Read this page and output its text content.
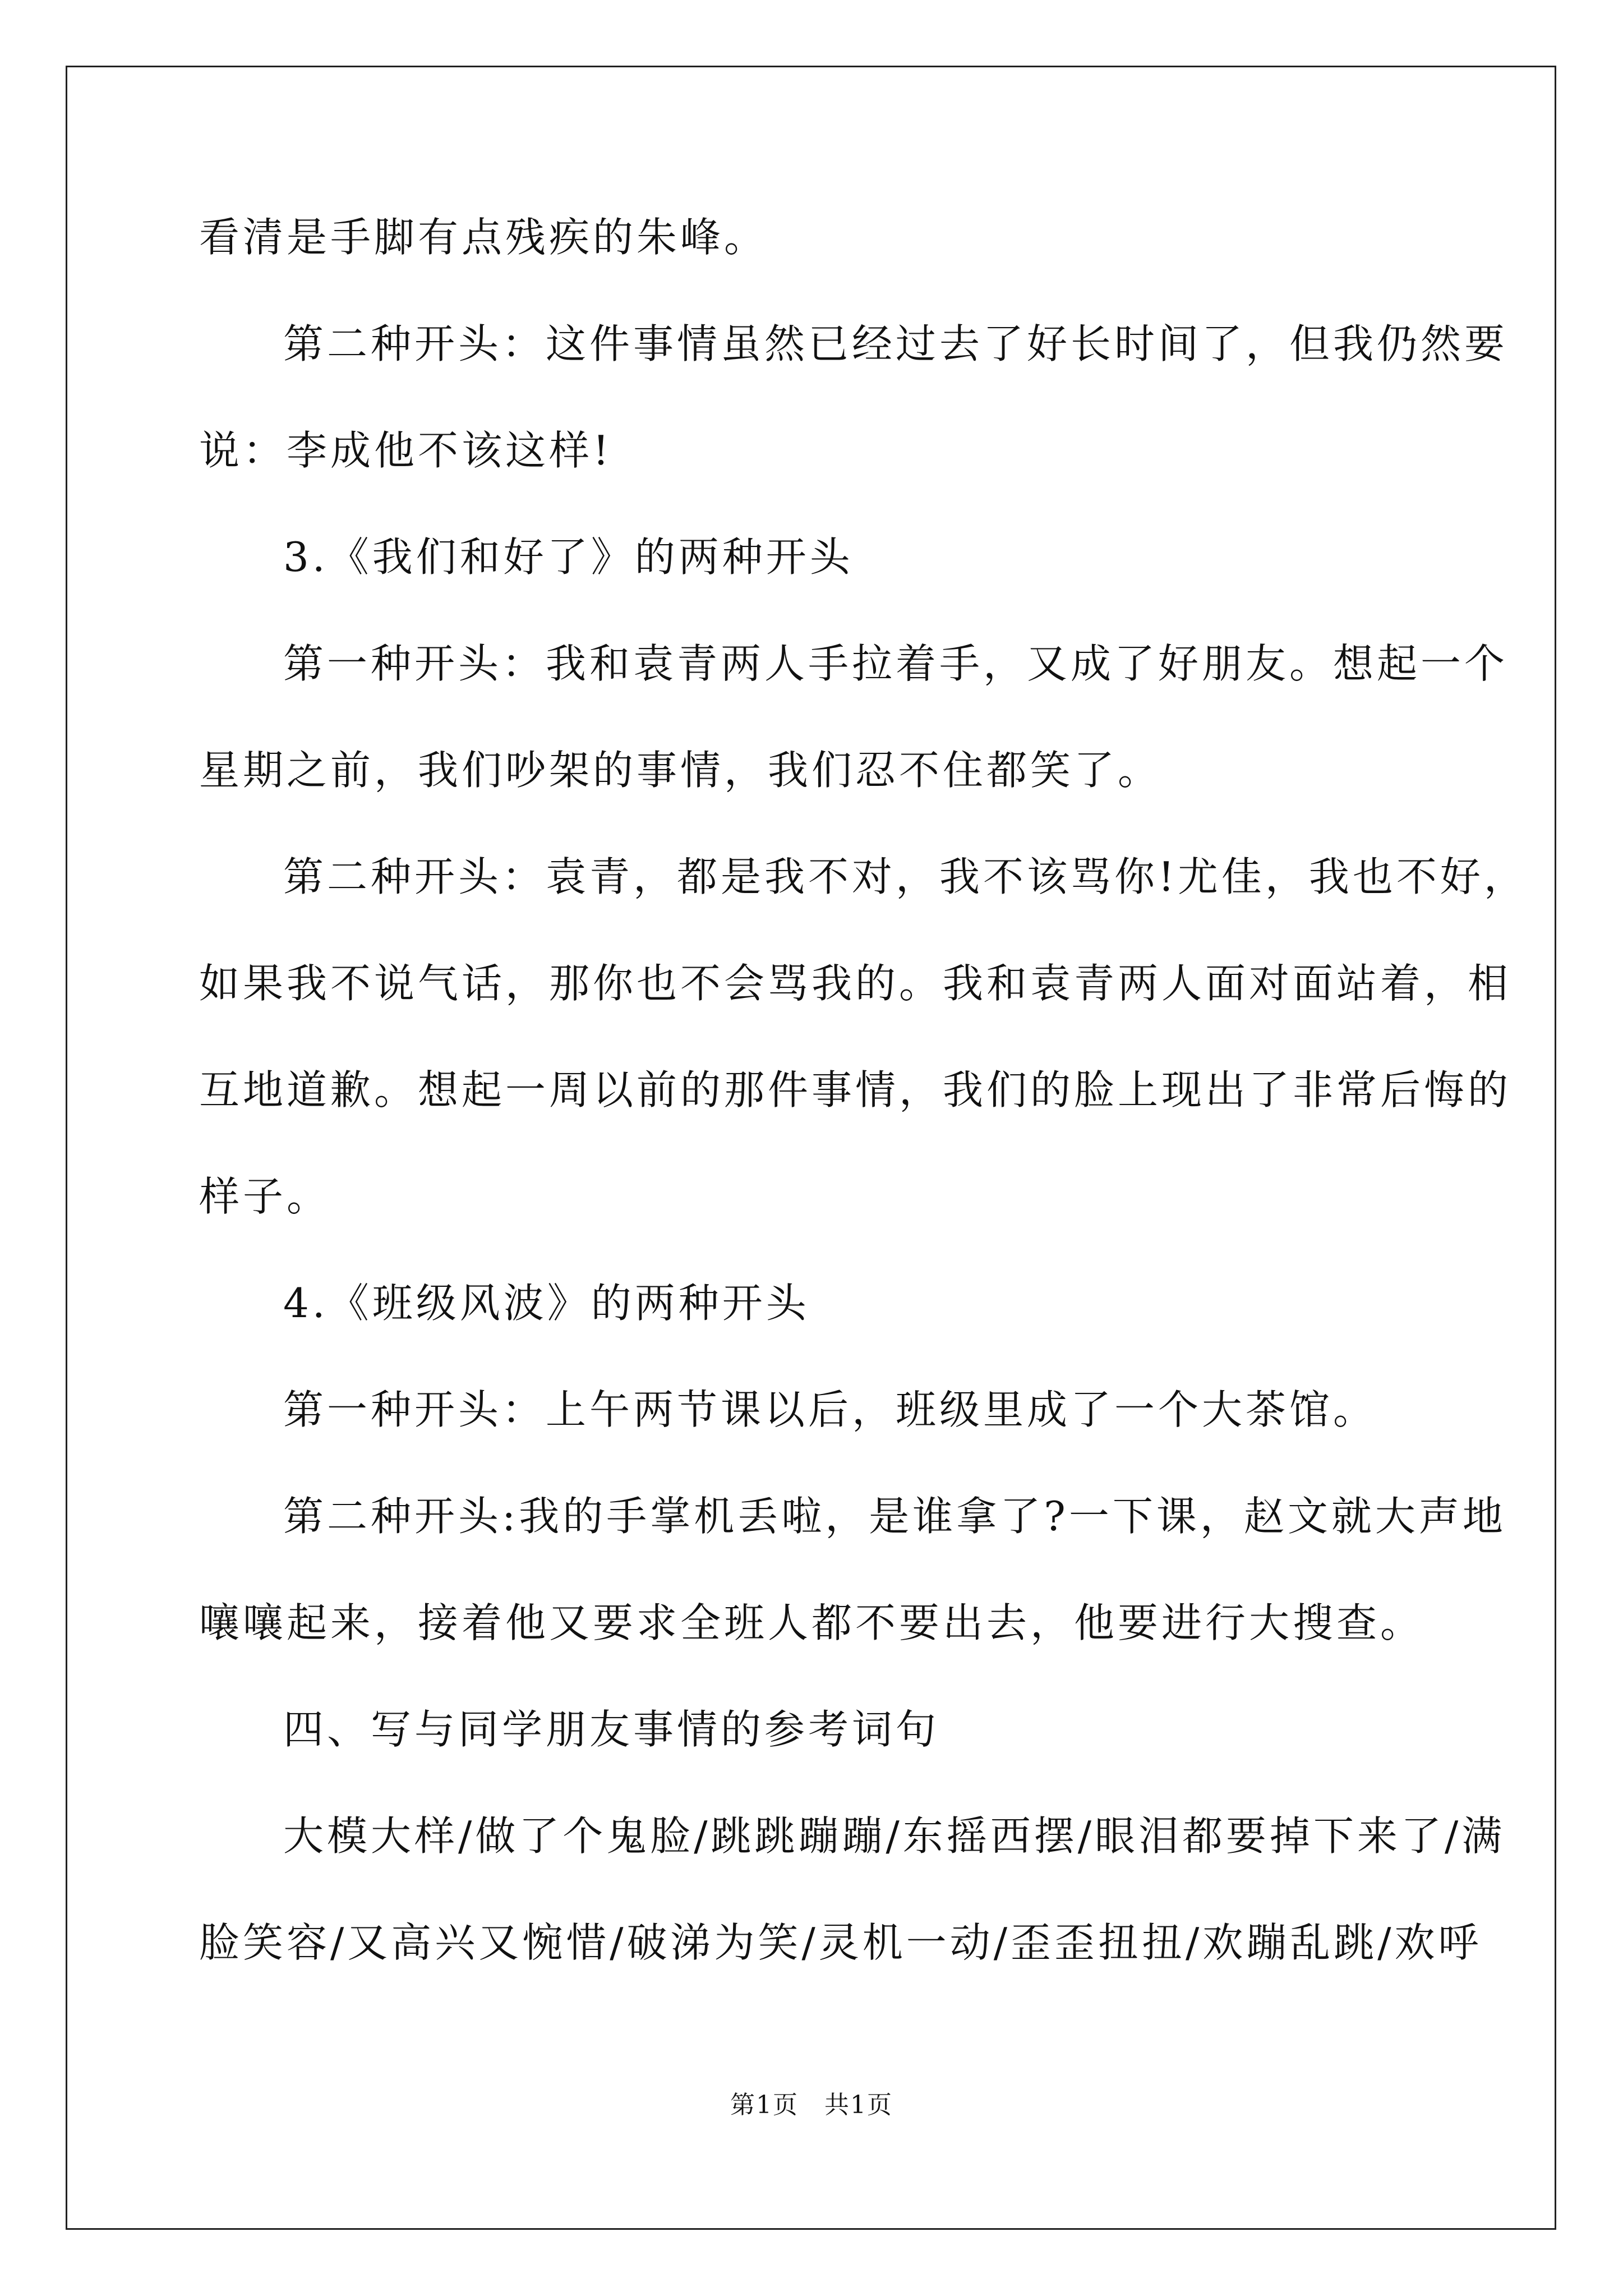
看清是手脚有点残疾的朱峰。
第二种开头：这件事情虽然已经过去了好长时间了，但我仍然要
说：李成他不该这样!
3.《我们和好了》的两种开头
第一种开头：我和袁青两人手拉着手，又成了好朋友。想起一个
星期之前，我们吵架的事情，我们忍不住都笑了。
第二种开头：袁青，都是我不对，我不该骂你!尤佳，我也不好，
如果我不说气话，那你也不会骂我的。我和袁青两人面对面站着，相
互地道歉。想起一周以前的那件事情，我们的脸上现出了非常后悔的
样子。
4.《班级风波》的两种开头
第一种开头：上午两节课以后，班级里成了一个大茶馆。
第二种开头:我的手掌机丢啦，是谁拿了?一下课，赵文就大声地
嚷嚷起来，接着他又要求全班人都不要出去，他要进行大搜查。
四、写与同学朋友事情的参考词句
大模大样/做了个鬼脸/跳跳蹦蹦/东摇西摆/眼泪都要掉下来了/满
脸笑容/又高兴又惋惜/破涕为笑/灵机一动/歪歪扭扭/欢蹦乱跳/欢呼
第1页　共1页
